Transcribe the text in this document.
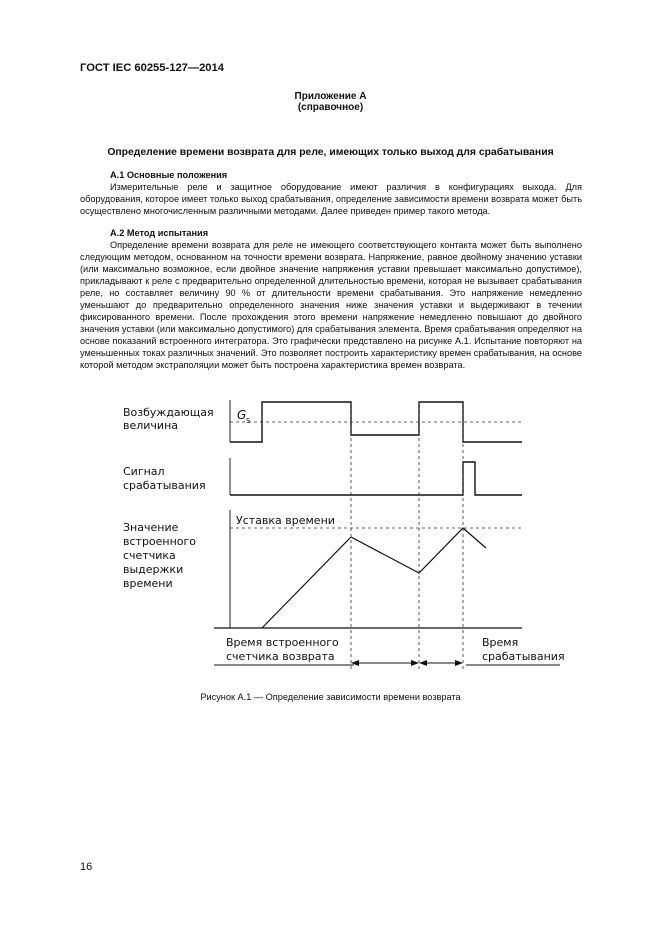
ГОСТ IEC 60255-127—2014
Приложение А
(справочное)
Определение времени возврата для реле, имеющих только выход для срабатывания
А.1 Основные положения

Измерительные реле и защитное оборудование имеют различия в конфигурациях выхода. Для оборудования, которое имеет только выход срабатывания, определение зависимости времени возврата может быть осуществлено многочисленным различными методами. Далее приведен пример такого метода.

А.2 Метод испытания

Определение времени возврата для реле не имеющего соответствующего контакта может быть выполнено следующим методом, основанном на точности времени возврата. Напряжение, равное двойному значению уставки (или максимально возможное, если двойное значение напряжения уставки превышает максимально допустимое), прикладывают к реле с предварительно определенной длительностью времени, которая не вызывает срабатывания реле, но составляет величину 90 % от длительности времени срабатывания. Это напряжение немедленно уменьшают до предварительно определенного значения ниже значения уставки и выдерживают в течении фиксированного времени. После прохождения этого времени напряжение немедленно повышают до двойного значения уставки (или максимально допустимого) для срабатывания элемента. Время срабатывания определяют на основе показаний встроенного интегратора. Это графически представлено на рисунке А.1. Испытание повторяют на уменьшенных токах различных значений. Это позволяет построить характеристику времен срабатывания, на основе которой методом экстраполяции может быть построена характеристика времен возврата.

Возбуждающая
величина
G S
Сигнал
срабатывания
Значение
встроенного
счетчика
выдержки
времени
Уставка времени
Время встроенного
счетчика возврата
Время
срабатывания
Рисунок А.1 — Определение зависимости времени возврата
16
